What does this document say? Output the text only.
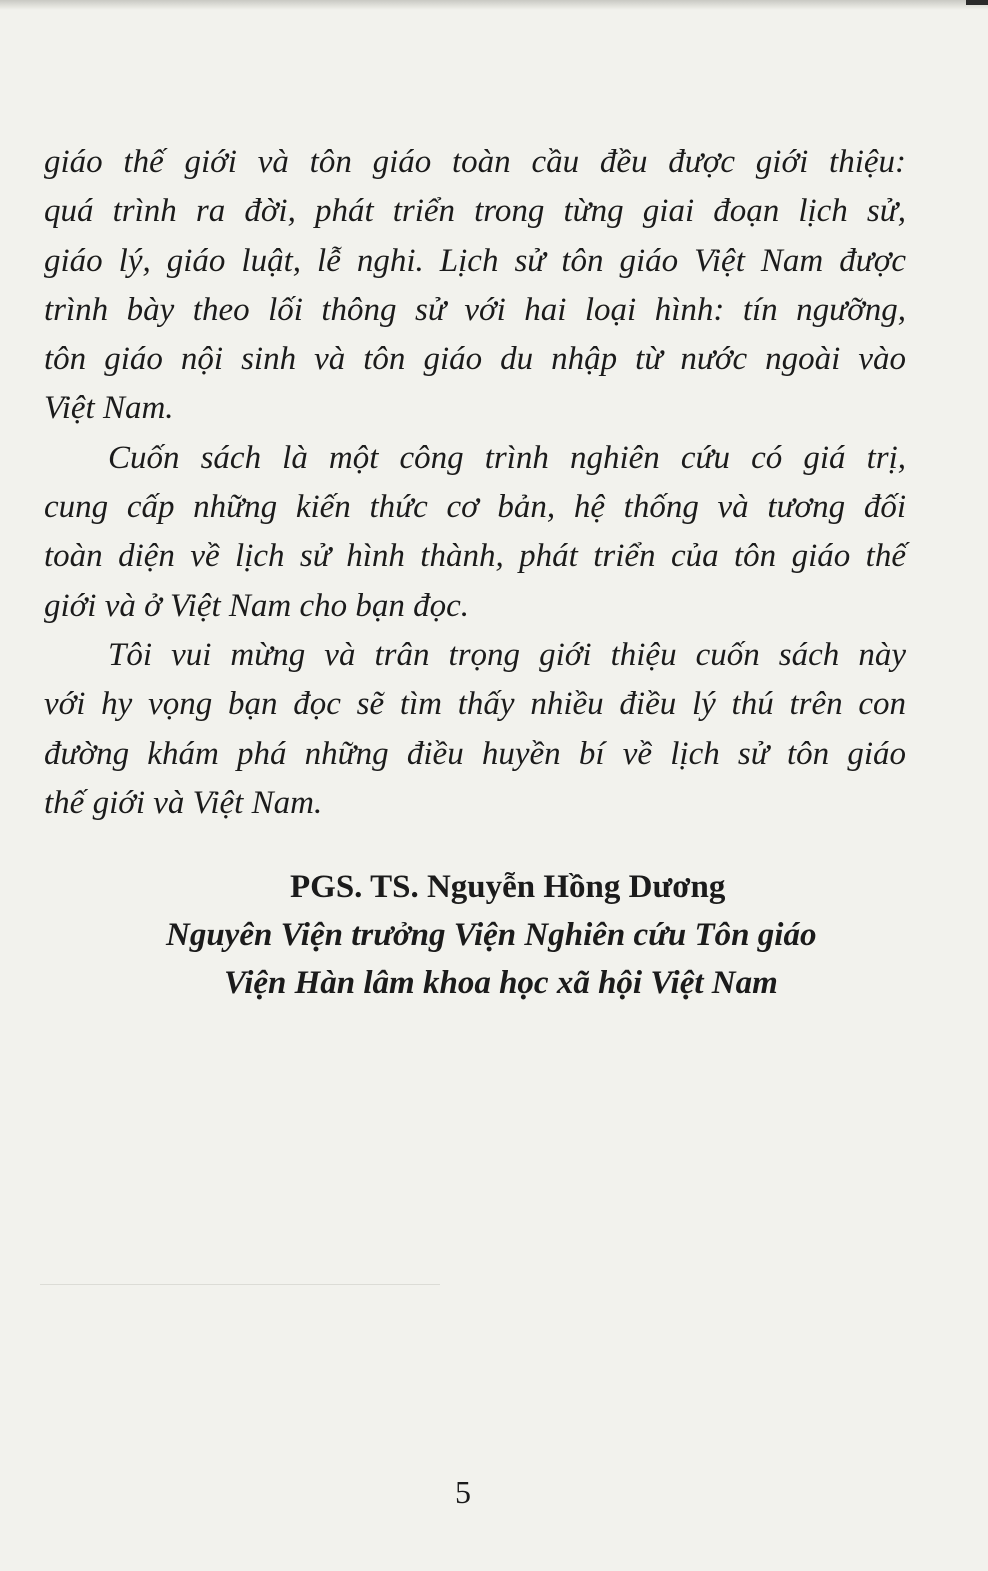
giáo thế giới và tôn giáo toàn cầu đều được giới thiệu:
quá trình ra đời, phát triển trong từng giai đoạn lịch sử,
giáo lý, giáo luật, lễ nghi. Lịch sử tôn giáo Việt Nam được
trình bày theo lối thông sử với hai loại hình: tín ngưỡng,
tôn giáo nội sinh và tôn giáo du nhập từ nước ngoài vào
Việt Nam.
Cuốn sách là một công trình nghiên cứu có giá trị,
cung cấp những kiến thức cơ bản, hệ thống và tương đối
toàn diện về lịch sử hình thành, phát triển của tôn giáo thế
giới và ở Việt Nam cho bạn đọc.
Tôi vui mừng và trân trọng giới thiệu cuốn sách này
với hy vọng bạn đọc sẽ tìm thấy nhiều điều lý thú trên con
đường khám phá những điều huyền bí về lịch sử tôn giáo
thế giới và Việt Nam.
PGS. TS. Nguyễn Hồng Dương
Nguyên Viện trưởng Viện Nghiên cứu Tôn giáo
Viện Hàn lâm khoa học xã hội Việt Nam
5
